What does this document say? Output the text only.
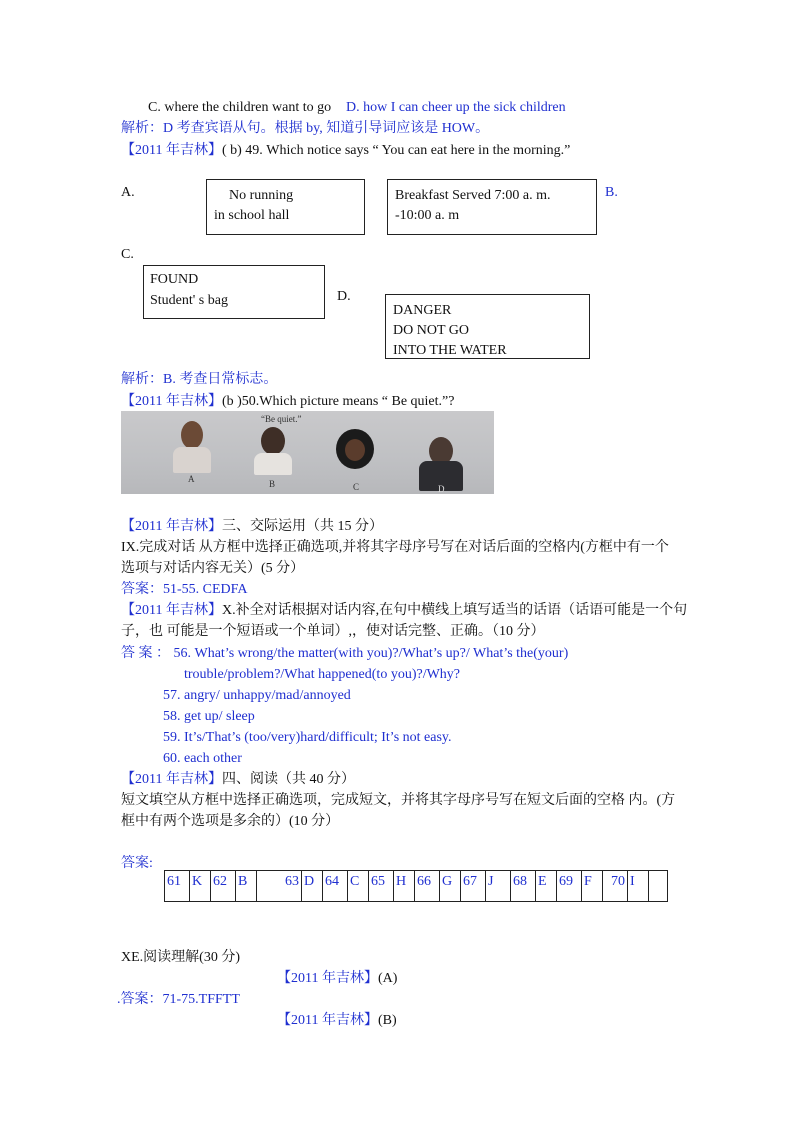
C. where the children want to go D. how I can cheer up the sick children
解析：D 考查宾语从句。根据 by, 知道引导词应该是 HOW。
【2011 年吉林】( b) 49. Which notice says “ You can eat here in the morning.”
A.	No running
in school hall
Breakfast Served 7:00 a. m.
-10:00 a. m
B.
C.
FOUND
Student' s bag	D.
DANGER
DO NOT GO
INTO THE WATER
解析：B. 考查日常标志。
【2011 年吉林】(b )50.Which picture means “ Be quiet.”?
“Be quiet.”
A	B	C	D
【2011 年吉林】三、交际运用（共 15 分）
IX.完成对话 从方框中选择正确选项,并将其字母序号写在对话后面的空格内(方框中有一个
选项与对话内容无关）(5 分）
答案：51-55. CEDFA
【2011 年吉林】X.补全对话根据对话内容,在句中横线上填写适当的话语（话语可能是一个句
子，也 可能是一个短语或一个单词）,，使对话完整、正确。（10 分）
答 案 ： 56. What’s wrong/the matter(with you)?/What’s up?/ What’s the(your)
trouble/problem?/What happened(to you)?/Why?
57. angry/ unhappy/mad/annoyed
58. get up/ sleep
59. It’s/That’s (too/very)hard/difficult; It’s not easy.
60. each other
【2011 年吉林】四、阅读（共 40 分）
短文填空从方框中选择正确选项，完成短文，并将其字母序号写在短文后面的空格 内。(方
框中有两个选项是多余的）(10 分）
答案:
61	K	62	B	63	D	64	C	65	H	66	G	67	J	68	E	69	F	70	I	
XE.阅读理解(30 分)
【2011 年吉林】(A)
.答案：71-75.TFFTT
【2011 年吉林】(B)
